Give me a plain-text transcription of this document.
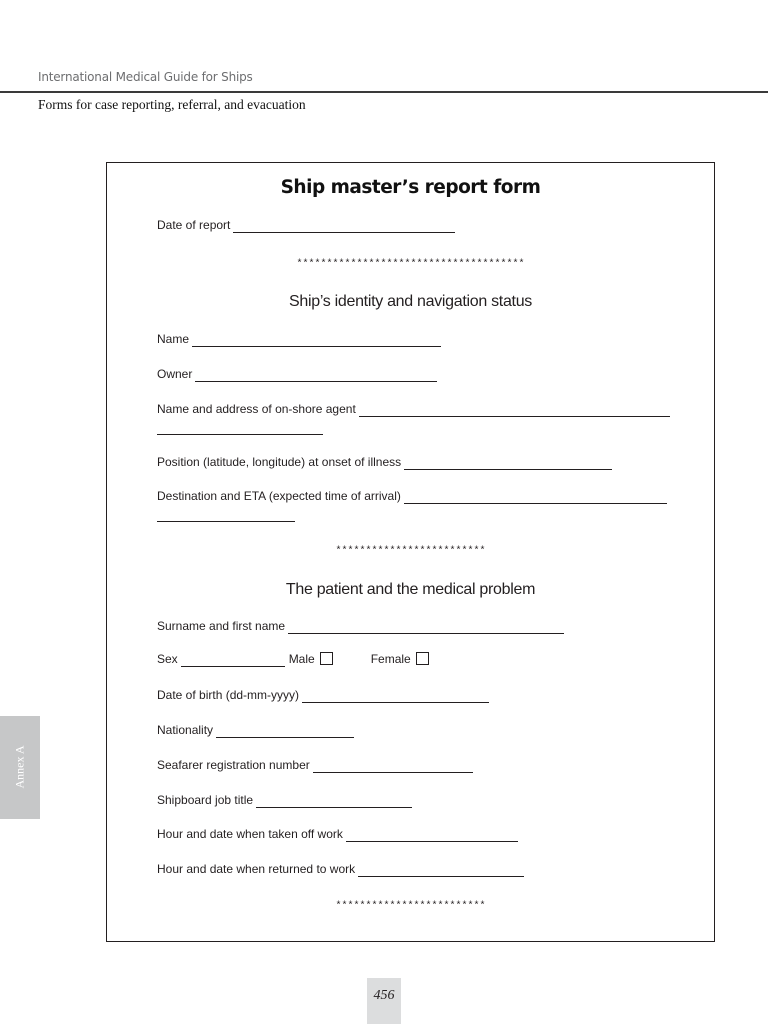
International Medical Guide for Ships
Forms for case reporting, referral, and evacuation
Ship master’s report form
Date of report
**************************************
Ship’s identity and navigation status
Name
Owner
Name and address of on-shore agent
Position (latitude, longitude) at onset of illness
Destination and ETA (expected time of arrival)
*************************
The patient and the medical problem
Surname and first name
Sex	Male	Female
Date of birth (dd-mm-yyyy)
Nationality
Seafarer registration number
Shipboard job title
Hour and date when taken off work
Hour and date when returned to work
*************************
Annex A
456
